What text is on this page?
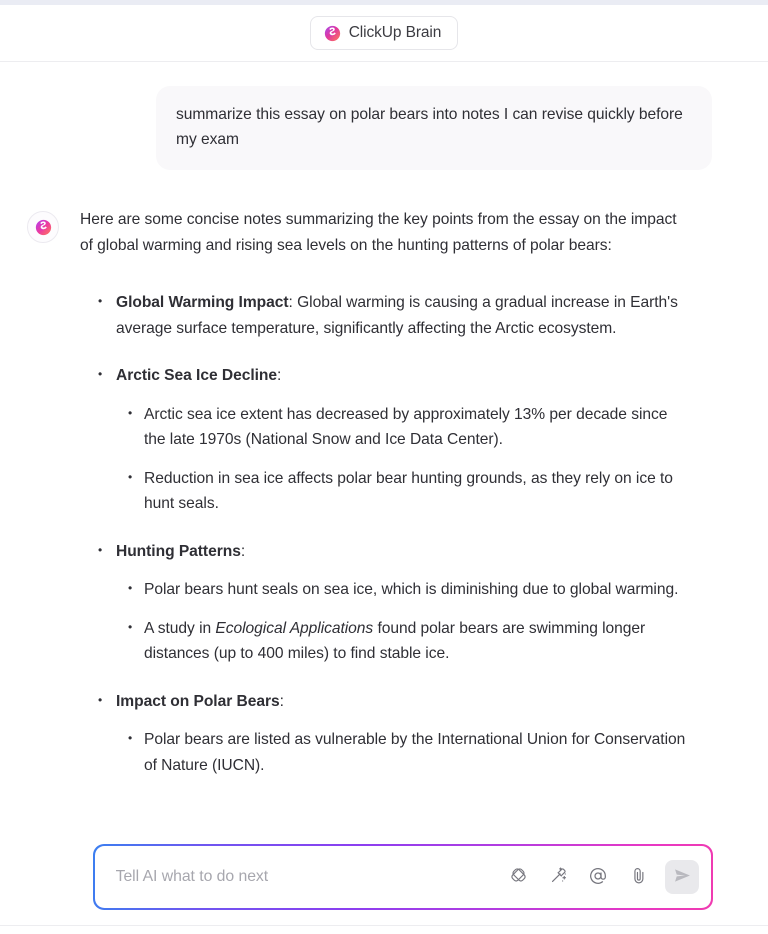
ClickUp Brain
summarize this essay on polar bears into notes I can revise quickly before my exam
Here are some concise notes summarizing the key points from the essay on the impact of global warming and rising sea levels on the hunting patterns of polar bears:
• Global Warming Impact: Global warming is causing a gradual increase in Earth's average surface temperature, significantly affecting the Arctic ecosystem.
• Arctic Sea Ice Decline:
• Arctic sea ice extent has decreased by approximately 13% per decade since the late 1970s (National Snow and Ice Data Center).
• Reduction in sea ice affects polar bear hunting grounds, as they rely on ice to hunt seals.
• Hunting Patterns:
• Polar bears hunt seals on sea ice, which is diminishing due to global warming.
• A study in Ecological Applications found polar bears are swimming longer distances (up to 400 miles) to find stable ice.
• Impact on Polar Bears:
• Polar bears are listed as vulnerable by the International Union for Conservation of Nature (IUCN).
Tell AI what to do next
